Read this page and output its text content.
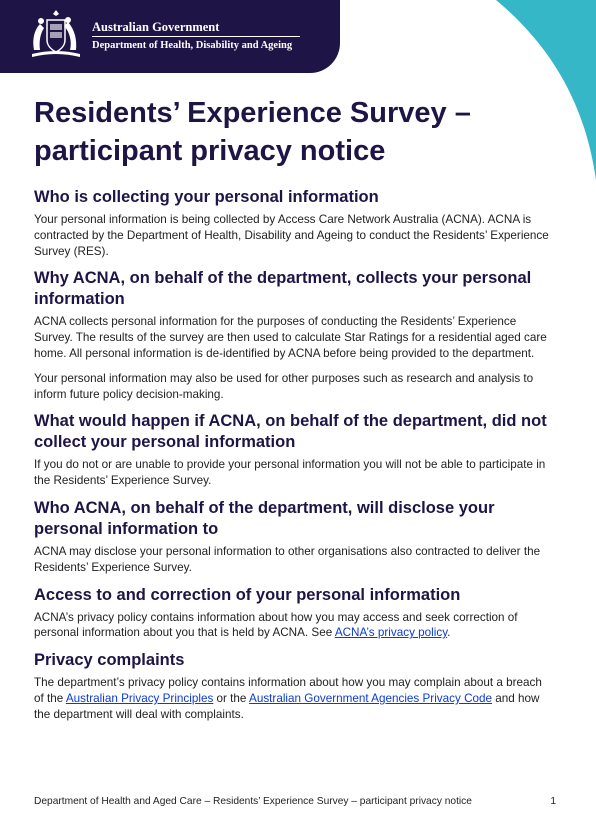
Australian Government
Department of Health, Disability and Ageing
Residents’ Experience Survey –
participant privacy notice
Who is collecting your personal information

Your personal information is being collected by Access Care Network Australia (ACNA). ACNA is contracted by the Department of Health, Disability and Ageing to conduct the Residents’ Experience Survey (RES).

Why ACNA, on behalf of the department, collects your personal information

ACNA collects personal information for the purposes of conducting the Residents’ Experience Survey. The results of the survey are then used to calculate Star Ratings for a residential aged care home. All personal information is de-identified by ACNA before being provided to the department.

Your personal information may also be used for other purposes such as research and analysis to inform future policy decision-making.

What would happen if ACNA, on behalf of the department, did not collect your personal information

If you do not or are unable to provide your personal information you will not be able to participate in the Residents’ Experience Survey.

Who ACNA, on behalf of the department, will disclose your personal information to

ACNA may disclose your personal information to other organisations also contracted to deliver the Residents’ Experience Survey.

Access to and correction of your personal information

ACNA’s privacy policy contains information about how you may access and seek correction of personal information about you that is held by ACNA. See ACNA’s privacy policy.

Privacy complaints

The department’s privacy policy contains information about how you may complain about a breach of the Australian Privacy Principles or the Australian Government Agencies Privacy Code and how the department will deal with complaints.

Department of Health and Aged Care – Residents’ Experience Survey – participant privacy notice	1
